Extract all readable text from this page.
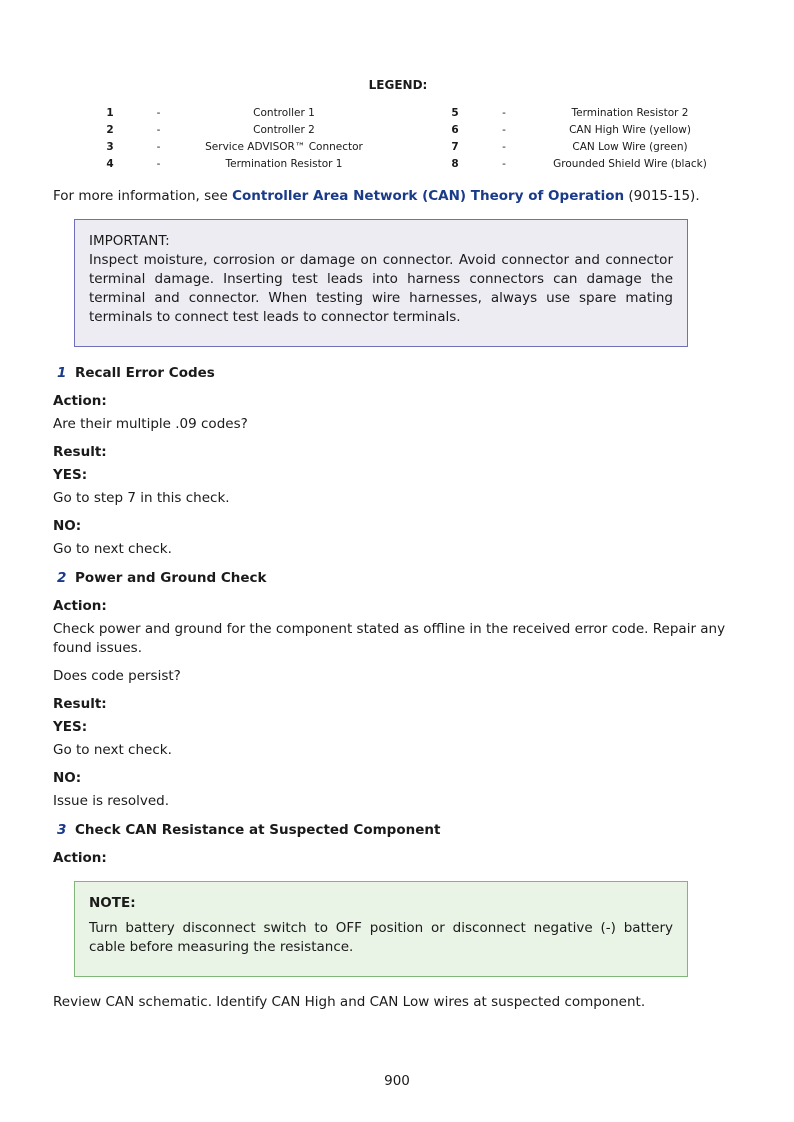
LEGEND:
1	-	Controller 1		5	-	Termination Resistor 2
2	-	Controller 2		6	-	CAN High Wire (yellow)
3	-	Service ADVISOR™ Connector		7	-	CAN Low Wire (green)
4	-	Termination Resistor 1		8	-	Grounded Shield Wire (black)
For more information, see Controller Area Network (CAN) Theory of Operation (9015-15).
IMPORTANT:
Inspect moisture, corrosion or damage on connector. Avoid connector and connector terminal damage. Inserting test leads into harness connectors can damage the terminal and connector. When testing wire harnesses, always use spare mating terminals to connect test leads to connector terminals.
1 Recall Error Codes
Action:
Are their multiple .09 codes?
Result:
YES:
Go to step 7 in this check.
NO:
Go to next check.
2 Power and Ground Check
Action:
Check power and ground for the component stated as offline in the received error code. Repair any found issues.
Does code persist?
Result:
YES:
Go to next check.
NO:
Issue is resolved.
3 Check CAN Resistance at Suspected Component
Action:
NOTE:
Turn battery disconnect switch to OFF position or disconnect negative (-) battery cable before measuring the resistance.
Review CAN schematic. Identify CAN High and CAN Low wires at suspected component.
900
